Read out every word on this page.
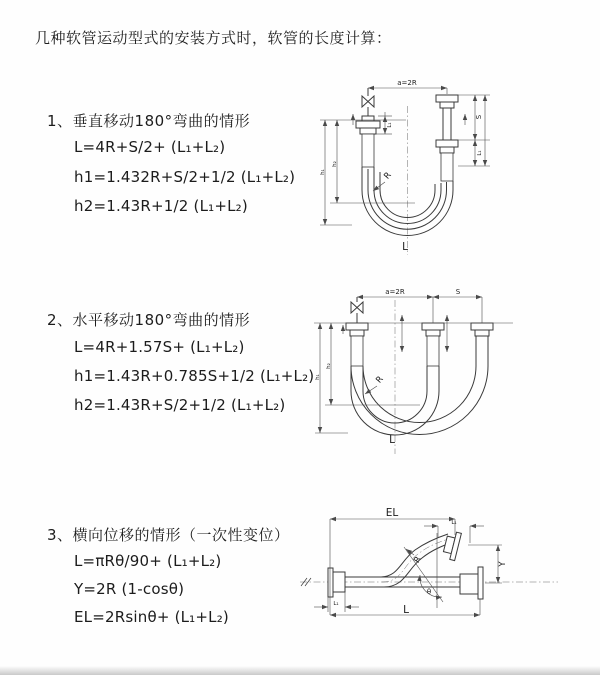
几种软管运动型式的安装方式时，软管的长度计算：
1、垂直移动180°弯曲的情形
L=4R+S/2+ (L₁+L₂)
h1=1.432R+S/2+1/2 (L₁+L₂)
h2=1.43R+1/2 (L₁+L₂)
2、水平移动180°弯曲的情形
L=4R+1.57S+ (L₁+L₂)
h1=1.43R+0.785S+1/2 (L₁+L₂)
h2=1.43R+S/2+1/2 (L₁+L₂)
3、横向位移的情形（一次性变位）
L=πRθ/90+ (L₁+L₂)
Y=2R (1-cosθ)
EL=2Rsinθ+ (L₁+L₂)
a=2R
S
L₁
L₁
h₁
h₂
R
L
a=2R	S
h₁
h₂
R
L
EL
L₁
Y
R
θ
L₁	L
